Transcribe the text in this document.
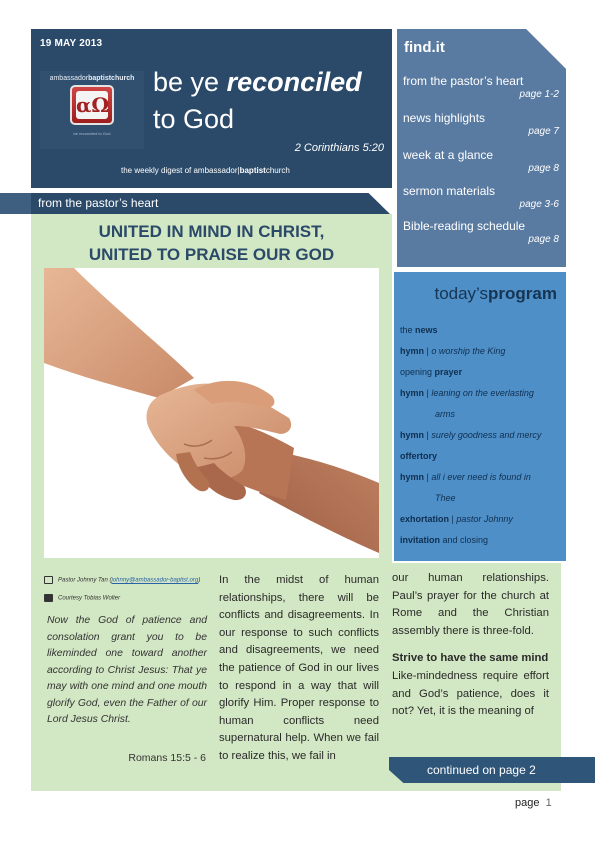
19 MAY 2013
ambassadorbaptistchurch
αΩ
be reconciled to God
be ye reconciled
to God
2 Corinthians 5:20
the weekly digest of ambassador|baptistchurch
find.it
from the pastor’s heart
page 1-2
news highlights
page 7
week at a glance
page 8
sermon materials
page 3-6
Bible-reading schedule
page 8
from the pastor’s heart
UNITED IN MIND IN CHRIST,
UNITED TO PRAISE OUR GOD
today’sprogram
the news
hymn | o worship the King
opening prayer
hymn | leaning on the everlasting
arms
hymn | surely goodness and mercy
offertory
hymn | all i ever need is found in
Thee
exhortation | pastor Johnny
invitation and closing
Pastor Johnny Tan (johnny@ambassador-baptist.org)
Courtesy Tobias Wolter
Now the God of patience and consolation grant you to be likeminded one toward another according to Christ Jesus: That ye may with one mind and one mouth glorify God, even the Father of our Lord Jesus Christ.
Romans 15:5 - 6
In the midst of human relationships, there will be conflicts and disagreements. In our response to such conflicts and disagreements, we need the patience of God in our lives to respond in a way that will glorify Him. Proper response to human conflicts need supernatural help. When we fail to realize this, we fail in
our human relationships. Paul’s prayer for the church at Rome and the Christian assembly there is three-fold.
Strive to have the same mind
Like-mindedness require effort and God’s patience, does it not? Yet, it is the meaning of
continued on page 2
page 1
